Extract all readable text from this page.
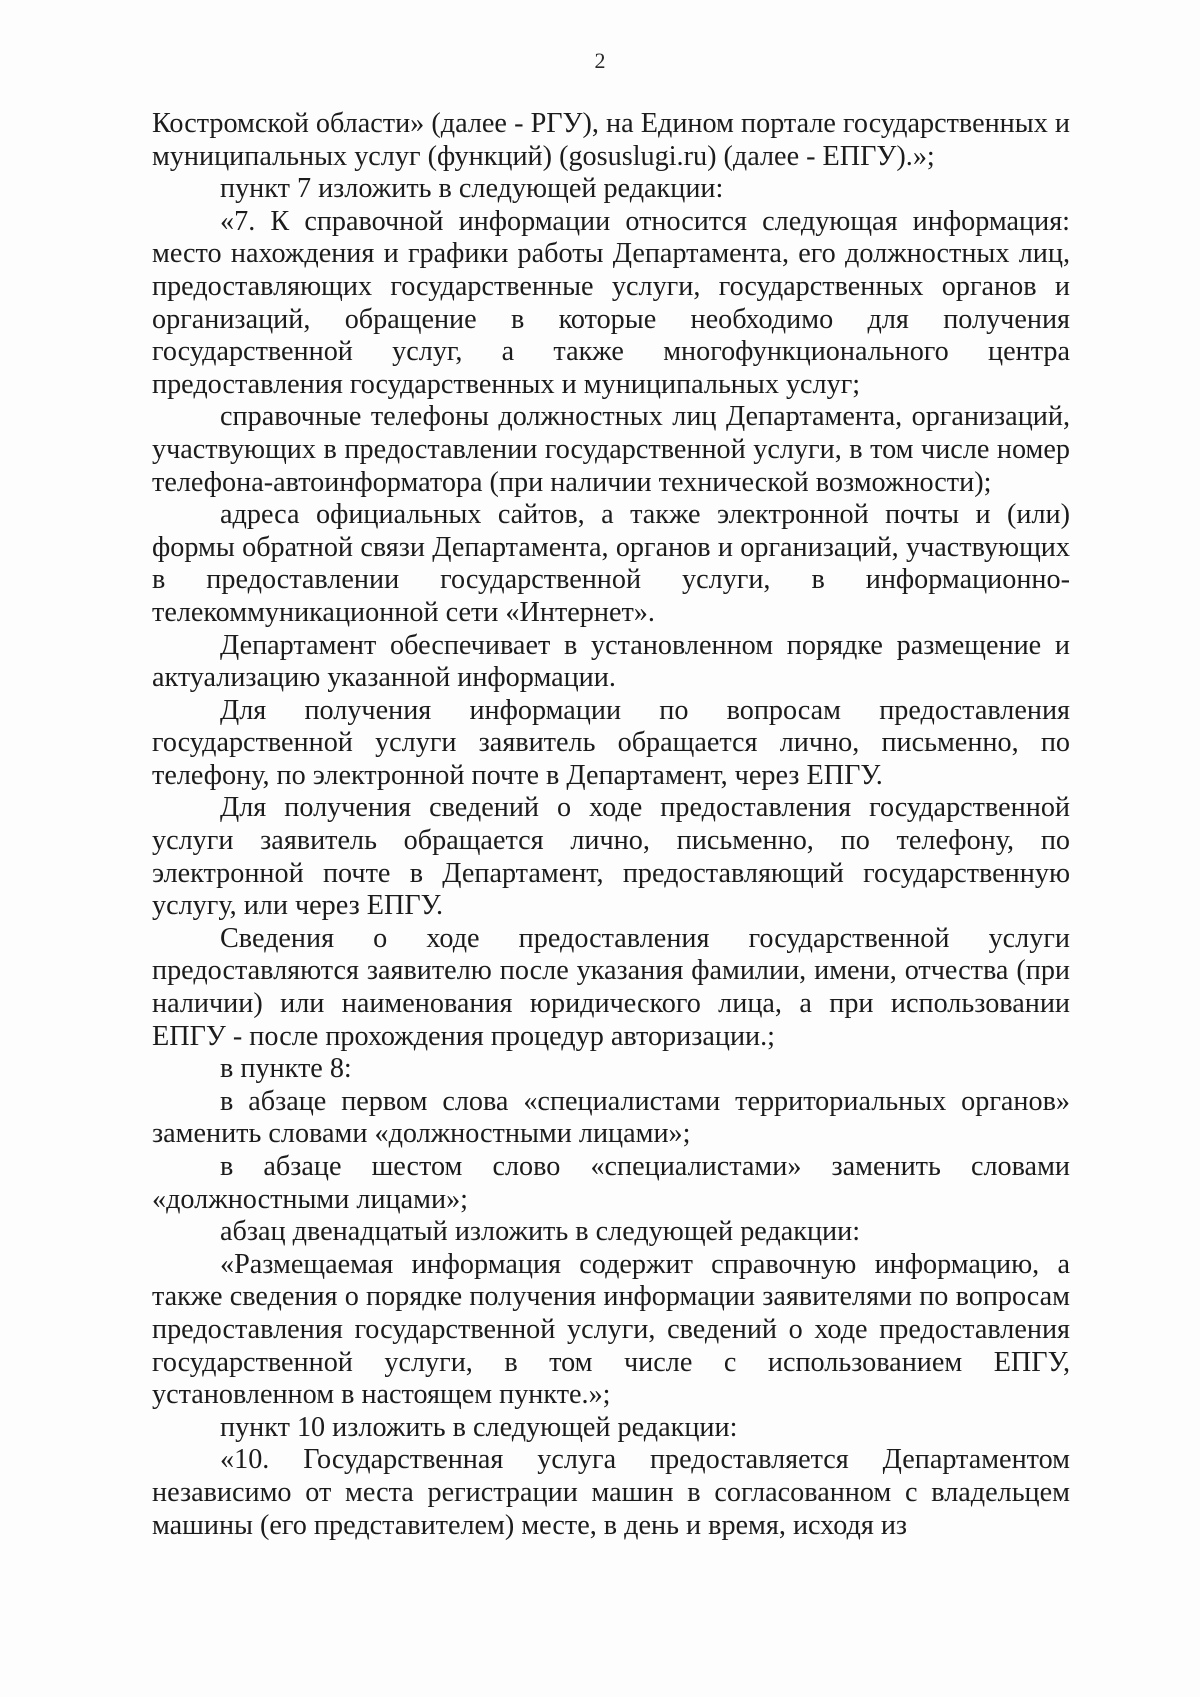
2

Костромской области» (далее - РГУ), на Едином портале государственных и муниципальных услуг (функций) (gosuslugi.ru) (далее - ЕПГУ).»;

пункт 7 изложить в следующей редакции:

«7. К справочной информации относится следующая информация: место нахождения и графики работы Департамента, его должностных лиц, предоставляющих государственные услуги, государственных органов и организаций, обращение в которые необходимо для получения государственной услуг, а также многофункционального центра предоставления государственных и муниципальных услуг;

справочные телефоны должностных лиц Департамента, организаций, участвующих в предоставлении государственной услуги, в том числе номер телефона-автоинформатора (при наличии технической возможности);

адреса официальных сайтов, а также электронной почты и (или) формы обратной связи Департамента, органов и организаций, участвующих в предоставлении государственной услуги, в информационно-телекоммуникационной сети «Интернет».

Департамент обеспечивает в установленном порядке размещение и актуализацию указанной информации.

Для получения информации по вопросам предоставления государственной услуги заявитель обращается лично, письменно, по телефону, по электронной почте в Департамент, через ЕПГУ.

Для получения сведений о ходе предоставления государственной услуги заявитель обращается лично, письменно, по телефону, по электронной почте в Департамент, предоставляющий государственную услугу, или через ЕПГУ.

Сведения о ходе предоставления государственной услуги предоставляются заявителю после указания фамилии, имени, отчества (при наличии) или наименования юридического лица, а при использовании ЕПГУ - после прохождения процедур авторизации.;

в пункте 8:

в абзаце первом слова «специалистами территориальных органов» заменить словами «должностными лицами»;

в абзаце шестом слово «специалистами» заменить словами «должностными лицами»;

абзац двенадцатый изложить в следующей редакции:

«Размещаемая информация содержит справочную информацию, а также сведения о порядке получения информации заявителями по вопросам предоставления государственной услуги, сведений о ходе предоставления государственной услуги, в том числе с использованием ЕПГУ, установленном в настоящем пункте.»;

пункт 10 изложить в следующей редакции:

«10. Государственная услуга предоставляется Департаментом независимо от места регистрации машин в согласованном с владельцем машины (его представителем) месте, в день и время, исходя из
